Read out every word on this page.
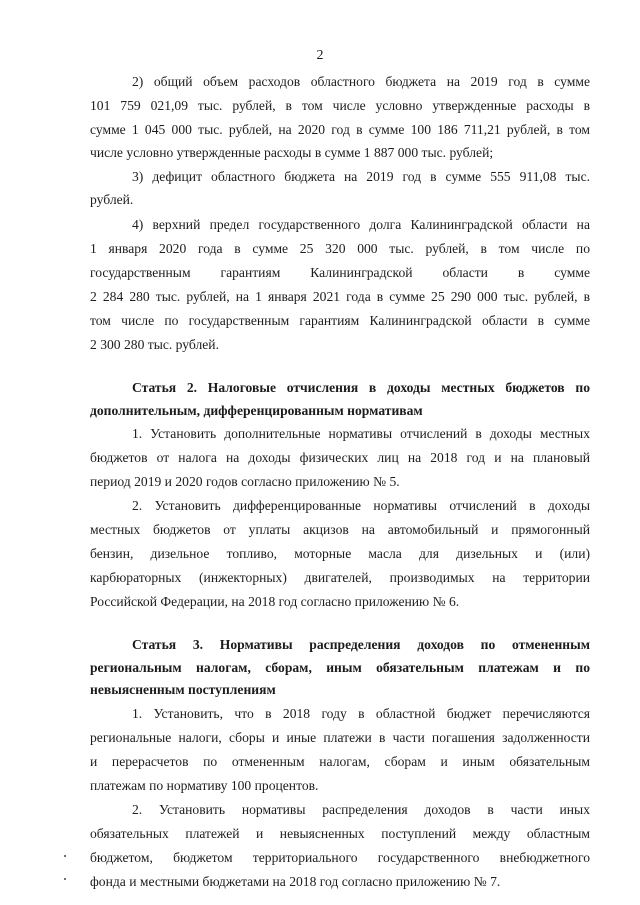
2
2) общий объем расходов областного бюджета на 2019 год в сумме
101 759 021,09 тыс. рублей, в том числе условно утвержденные расходы в
сумме 1 045 000 тыс. рублей, на 2020 год в сумме 100 186 711,21 рублей, в том
числе условно утвержденные расходы в сумме 1 887 000 тыс. рублей;
3) дефицит областного бюджета на 2019 год в сумме 555 911,08 тыс.
рублей.
4) верхний предел государственного долга Калининградской области на
1 января 2020 года в сумме 25 320 000 тыс. рублей, в том числе по
государственным гарантиям Калининградской области в сумме
2 284 280 тыс. рублей, на 1 января 2021 года в сумме 25 290 000 тыс. рублей, в
том числе по государственным гарантиям Калининградской области в сумме
2 300 280 тыс. рублей.
Статья 2. Налоговые отчисления в доходы местных бюджетов по
дополнительным, дифференцированным нормативам
1. Установить дополнительные нормативы отчислений в доходы местных
бюджетов от налога на доходы физических лиц на 2018 год и на плановый
период 2019 и 2020 годов согласно приложению № 5.
2. Установить дифференцированные нормативы отчислений в доходы
местных бюджетов от уплаты акцизов на автомобильный и прямогонный
бензин, дизельное топливо, моторные масла для дизельных и (или)
карбюраторных (инжекторных) двигателей, производимых на территории
Российской Федерации, на 2018 год согласно приложению № 6.
Статья 3. Нормативы распределения доходов по отмененным
региональным налогам, сборам, иным обязательным платежам и по
невыясненным поступлениям
1. Установить, что в 2018 году в областной бюджет перечисляются
региональные налоги, сборы и иные платежи в части погашения задолженности
и перерасчетов по отмененным налогам, сборам и иным обязательным
платежам по нормативу 100 процентов.
2. Установить нормативы распределения доходов в части иных
обязательных платежей и невыясненных поступлений между областным
бюджетом, бюджетом территориального государственного внебюджетного
фонда и местными бюджетами на 2018 год согласно приложению № 7.
